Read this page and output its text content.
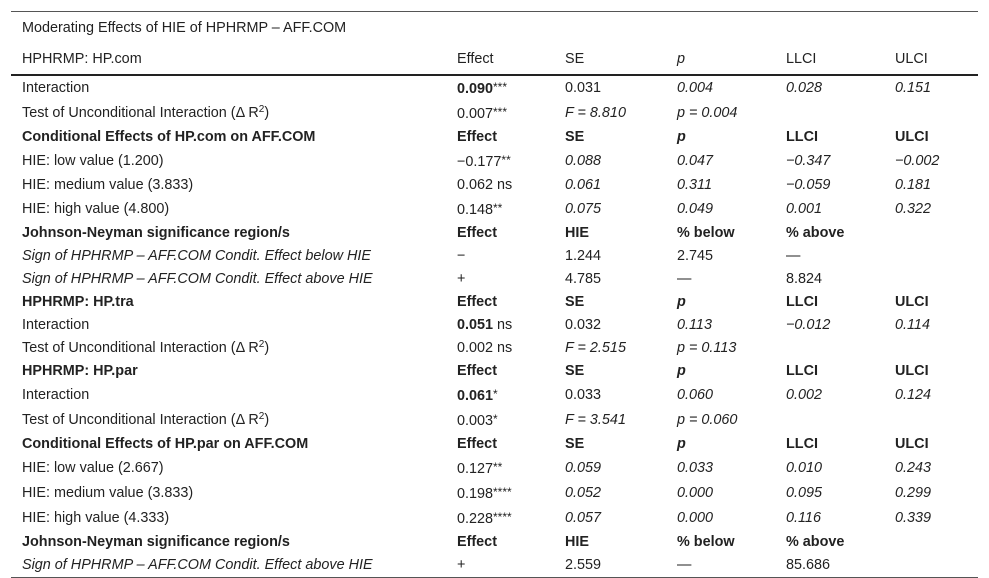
Moderating Effects of HIE of HPHRMP – AFF.COM
HPHRMP: HP.com	Effect	SE	p	LLCI	ULCI
Interaction	0.090***	0.031	0.004	0.028	0.151
Test of Unconditional Interaction (Δ $R^2$)	0.007***	F = 8.810	p = 0.004		
Conditional Effects of HP.com on AFF.COM	Effect	SE	p	LLCI	ULCI
HIE: low value (1.200)	−0.177**	0.088	0.047	−0.347	−0.002
HIE: medium value (3.833)	0.062 ns	0.061	0.311	−0.059	0.181
HIE: high value (4.800)	0.148**	0.075	0.049	0.001	0.322
Johnson-Neyman significance region/s	Effect	HIE	% below	% above	
Sign of HPHRMP – AFF.COM Condit. Effect below HIE	−	1.244	2.745	—	
Sign of HPHRMP – AFF.COM Condit. Effect above HIE	+	4.785	—	8.824	
HPHRMP: HP.tra	Effect	SE	p	LLCI	ULCI
Interaction	0.051 ns	0.032	0.113	−0.012	0.114
Test of Unconditional Interaction (Δ $R^2$)	0.002 ns	F = 2.515	p = 0.113		
HPHRMP: HP.par	Effect	SE	p	LLCI	ULCI
Interaction	0.061*	0.033	0.060	0.002	0.124
Test of Unconditional Interaction (Δ $R^2$)	0.003*	F = 3.541	p = 0.060		
Conditional Effects of HP.par on AFF.COM	Effect	SE	p	LLCI	ULCI
HIE: low value (2.667)	0.127**	0.059	0.033	0.010	0.243
HIE: medium value (3.833)	0.198****	0.052	0.000	0.095	0.299
HIE: high value (4.333)	0.228****	0.057	0.000	0.116	0.339
Johnson-Neyman significance region/s	Effect	HIE	% below	% above	
Sign of HPHRMP – AFF.COM Condit. Effect above HIE	+	2.559	—	85.686	
